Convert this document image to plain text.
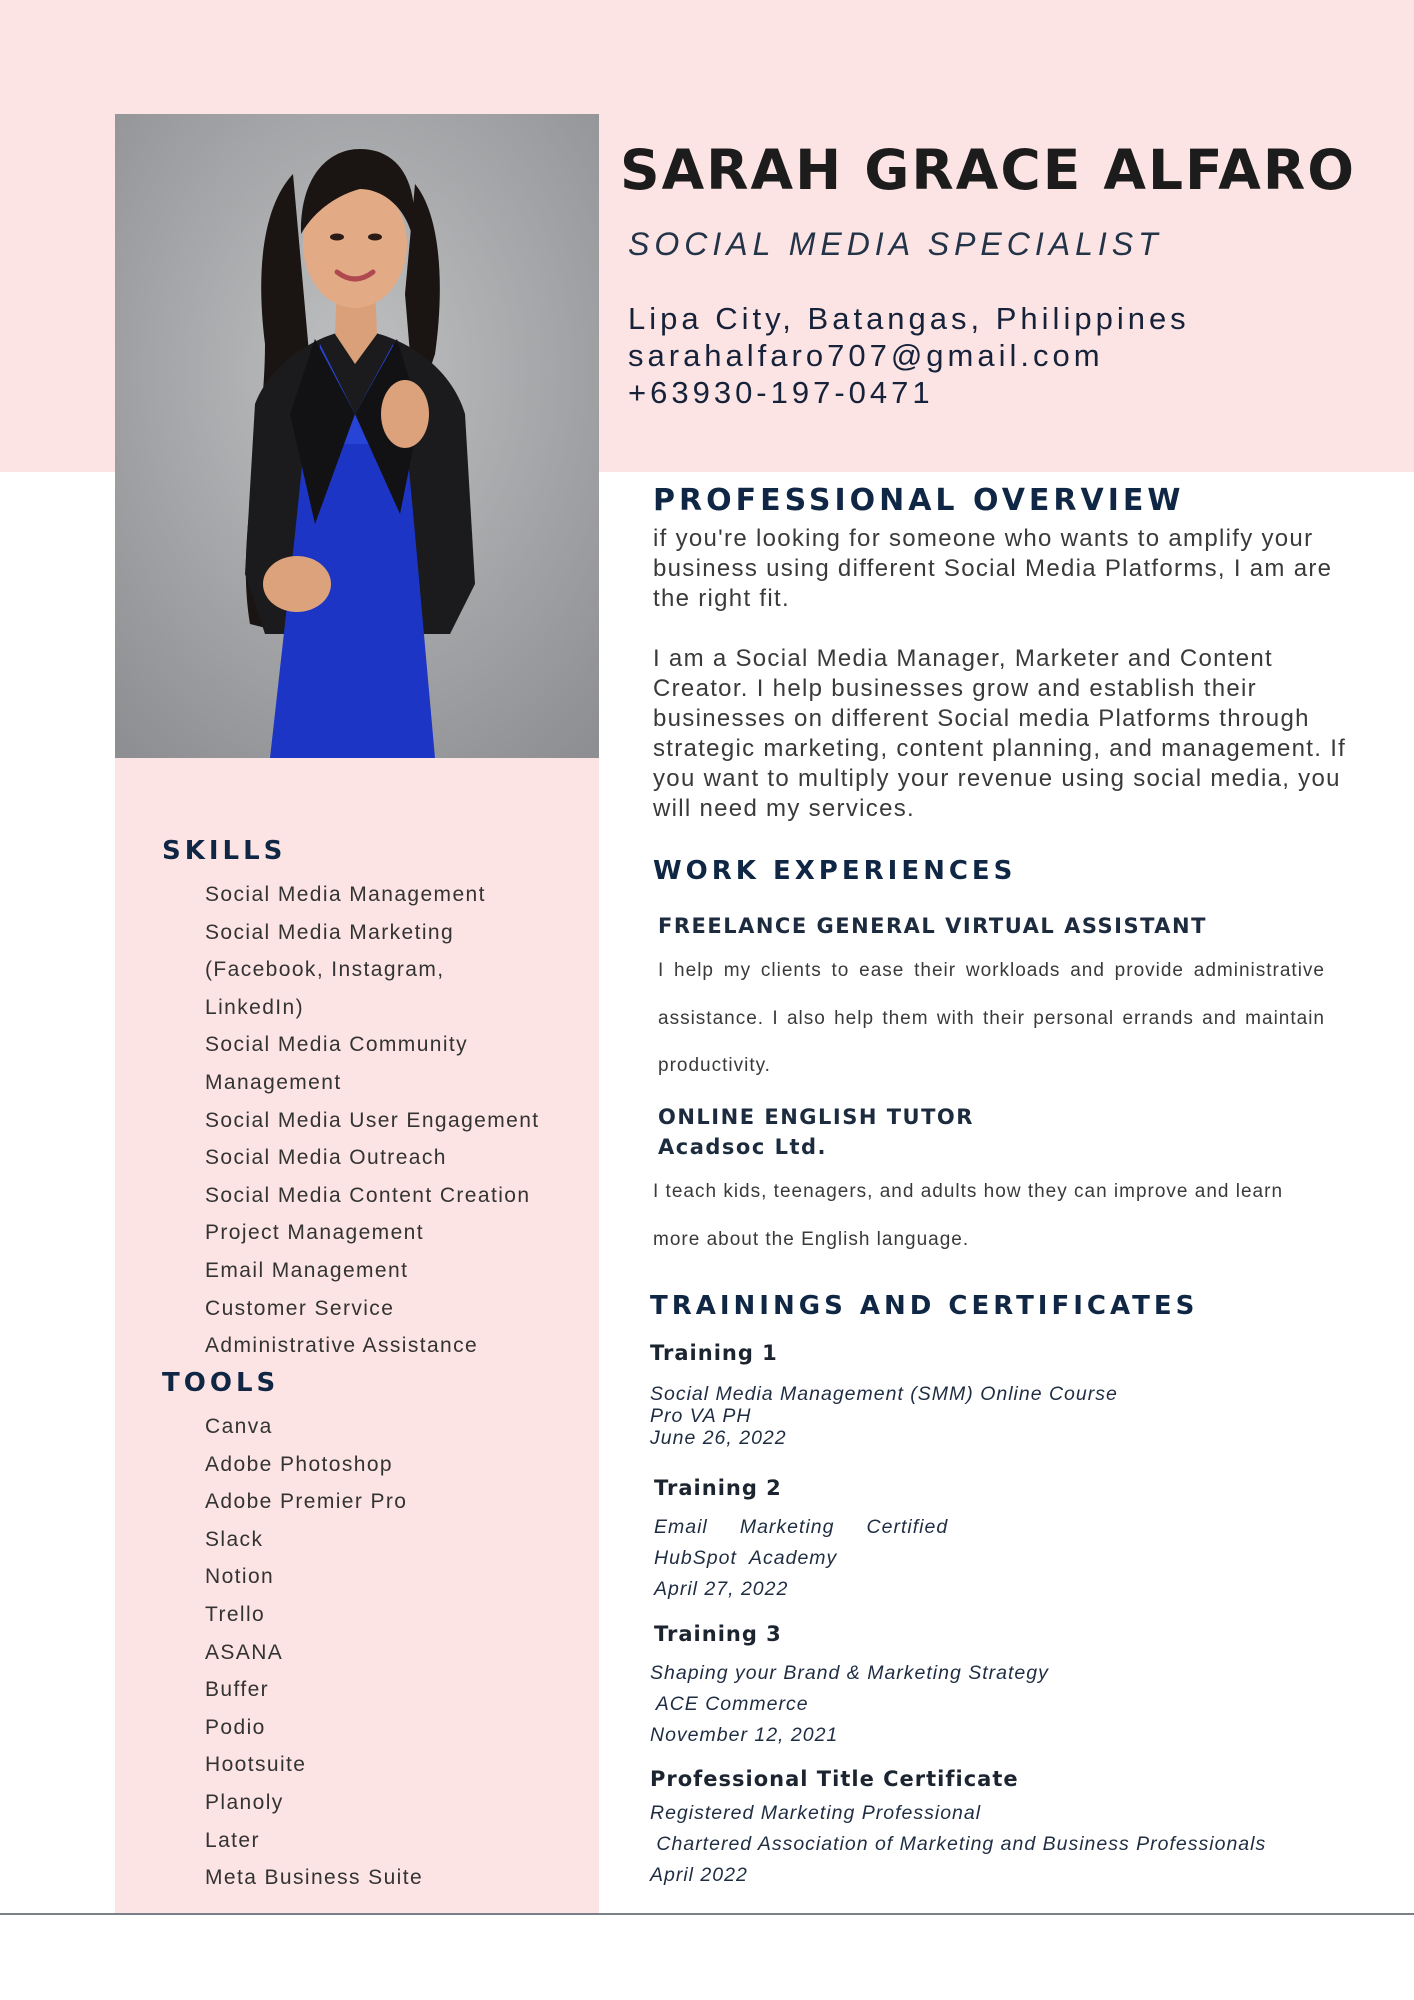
SARAH GRACE ALFARO
SOCIAL MEDIA SPECIALIST
Lipa City, Batangas, Philippines
sarahalfaro707@gmail.com
+63930-197-0471
PROFESSIONAL OVERVIEW

if you're looking for someone who wants to amplify your business using different Social Media Platforms, I am are the right fit.

I am a Social Media Manager, Marketer and Content Creator. I help businesses grow and establish their businesses on different Social media Platforms through strategic marketing, content planning, and management. If you want to multiply your revenue using social media, you will need my services.

SKILLS
Social Media Management
Social Media Marketing
(Facebook, Instagram,
LinkedIn)
Social Media Community
Management
Social Media User Engagement
Social Media Outreach
Social Media Content Creation
Project Management
Email Management
Customer Service
Administrative Assistance
TOOLS
Canva
Adobe Photoshop
Adobe Premier Pro
Slack
Notion
Trello
ASANA
Buffer
Podio
Hootsuite
Planoly
Later
Meta Business Suite
WORK EXPERIENCES
FREELANCE GENERAL VIRTUAL ASSISTANT

I help my clients to ease their workloads and provide administrative assistance. I also help them with their personal errands and maintain productivity.

ONLINE ENGLISH TUTOR
Acadsoc Ltd.

I teach kids, teenagers, and adults how they can improve and learn more about the English language.

TRAININGS AND CERTIFICATES
Training 1
Social Media Management (SMM) Online Course
Pro VA PH
June 26, 2022
Training 2
Email     Marketing     Certified
HubSpot  Academy
April 27, 2022
Training 3
Shaping your Brand & Marketing Strategy
ACE Commerce
November 12, 2021
Professional Title Certificate
Registered Marketing Professional
Chartered Association of Marketing and Business Professionals
April 2022
